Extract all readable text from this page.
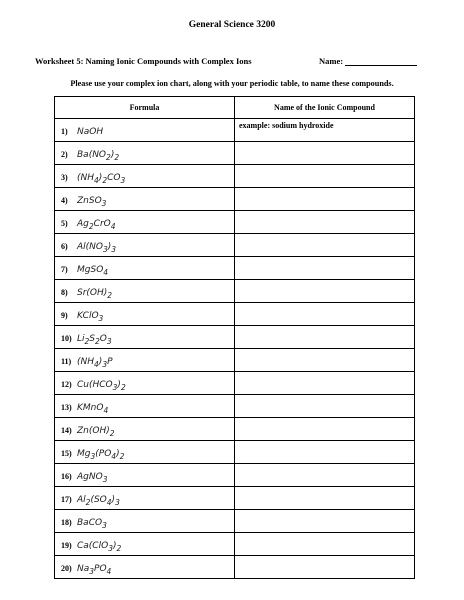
General Science 3200
Worksheet 5: Naming Ionic Compounds with Complex Ions	Name:
Please use your complex ion chart, along with your periodic table, to name these compounds.
Formula	Name of the Ionic Compound
1) NaOH	example: sodium hydroxide
2) $Ba(NO_2)_2$	
3) $(NH_4)_2CO_3$	
4) ZnSO$_3$	
5) $Ag_2CrO_4$	
6) $Al(NO_3)_3$	
7) MgSO$_4$	
8) $Sr(OH)_2$	
9) KClO$_3$	
10) $Li_2S_2O_3$	
11) $(NH_4)_3P$	
12) $Cu(HCO_3)_2$	
13) KMnO$_4$	
14) $Zn(OH)_2$	
15) $Mg_3(PO_4)_2$	
16) AgNO$_3$	
17) $Al_2(SO_4)_3$	
18) BaCO$_3$	
19) $Ca(ClO_3)_2$	
20) $Na_3PO_4$	
